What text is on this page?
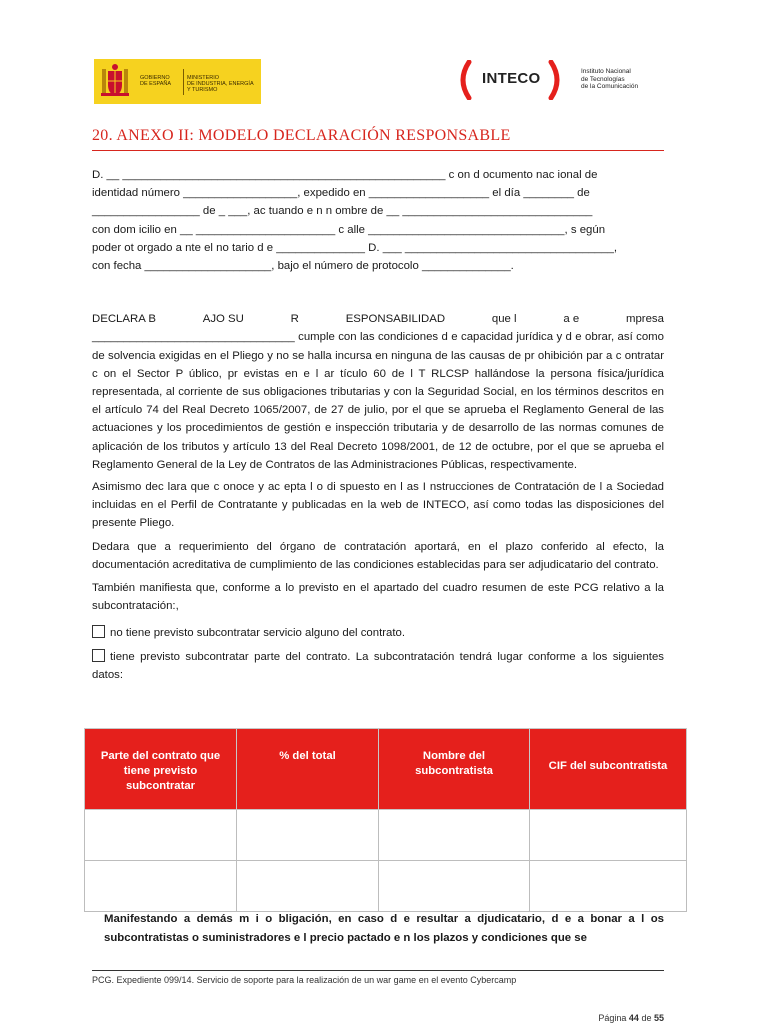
GOBIERNO
DE ESPAÑA
MINISTERIO
DE INDUSTRIA, ENERGÍA
Y TURISMO
INTECO	Instituto Nacional
de Tecnologías
de la Comunicación
20. ANEXO II: MODELO DECLARACIÓN RESPONSABLE

D. __ ___________________________________________________ c on d ocumento nac ional de

identidad número __________________, expedido en ___________________ el día ________ de

_________________ de _ ___, ac tuando e n n ombre de __ ______________________________

con dom icilio en __ ______________________ c alle _______________________________, s egún

poder ot orgado a nte el no tario d e ______________ D. ___ _________________________________,

con fecha ____________________, bajo el número de protocolo ______________.

DECLARA B	AJO SU	R	ESPONSABILIDAD	que l	a e	mpresa

________________________________ cumple con las condiciones d e capacidad jurídica y d e obrar, así como de solvencia exigidas en el Pliego y no se halla incursa en ninguna de las causas de pr ohibición par a c ontratar c on el Sector P úblico, pr evistas en e l ar tículo 60 de l T RLCSP hallándose la persona física/jurídica representada, al corriente de sus obligaciones tributarias y con la Seguridad Social, en los términos descritos en el artículo 74 del Real Decreto 1065/2007, de 27 de julio, por el que se aprueba el Reglamento General de las actuaciones y los procedimientos de gestión e inspección tributaria y de desarrollo de las normas comunes de aplicación de los tributos y artículo 13 del Real Decreto 1098/2001, de 12 de octubre, por el que se aprueba el Reglamento General de la Ley de Contratos de las Administraciones Públicas, respectivamente.

Asimismo dec lara que c onoce y ac epta l o di spuesto en l as I nstrucciones de Contratación de l a Sociedad incluidas en el Perfil de Contratante y publicadas en la web de INTECO, así como todas las disposiciones del presente Pliego.

Dedara que a requerimiento del órgano de contratación aportará, en el plazo conferido al efecto, la documentación acreditativa de cumplimiento de las condiciones establecidas para ser adjudicatario del contrato.

También manifiesta que, conforme a lo previsto en el apartado del cuadro resumen de este PCG relativo a la subcontratación:,

no tiene previsto subcontratar servicio alguno del contrato.

tiene previsto subcontratar parte del contrato. La subcontratación tendrá lugar conforme a los siguientes datos:

Parte del contrato que tiene previsto subcontratar	% del total	Nombre del subcontratista	CIF del subcontratista

Manifestando a demás m i o bligación, en caso d e resultar a djudicatario, d e a bonar a l os subcontratistas o suministradores e l precio pactado e n los plazos y condiciones que se
PCG. Expediente 099/14. Servicio de soporte para la realización de un war game en el evento Cybercamp
Página 44 de 55
